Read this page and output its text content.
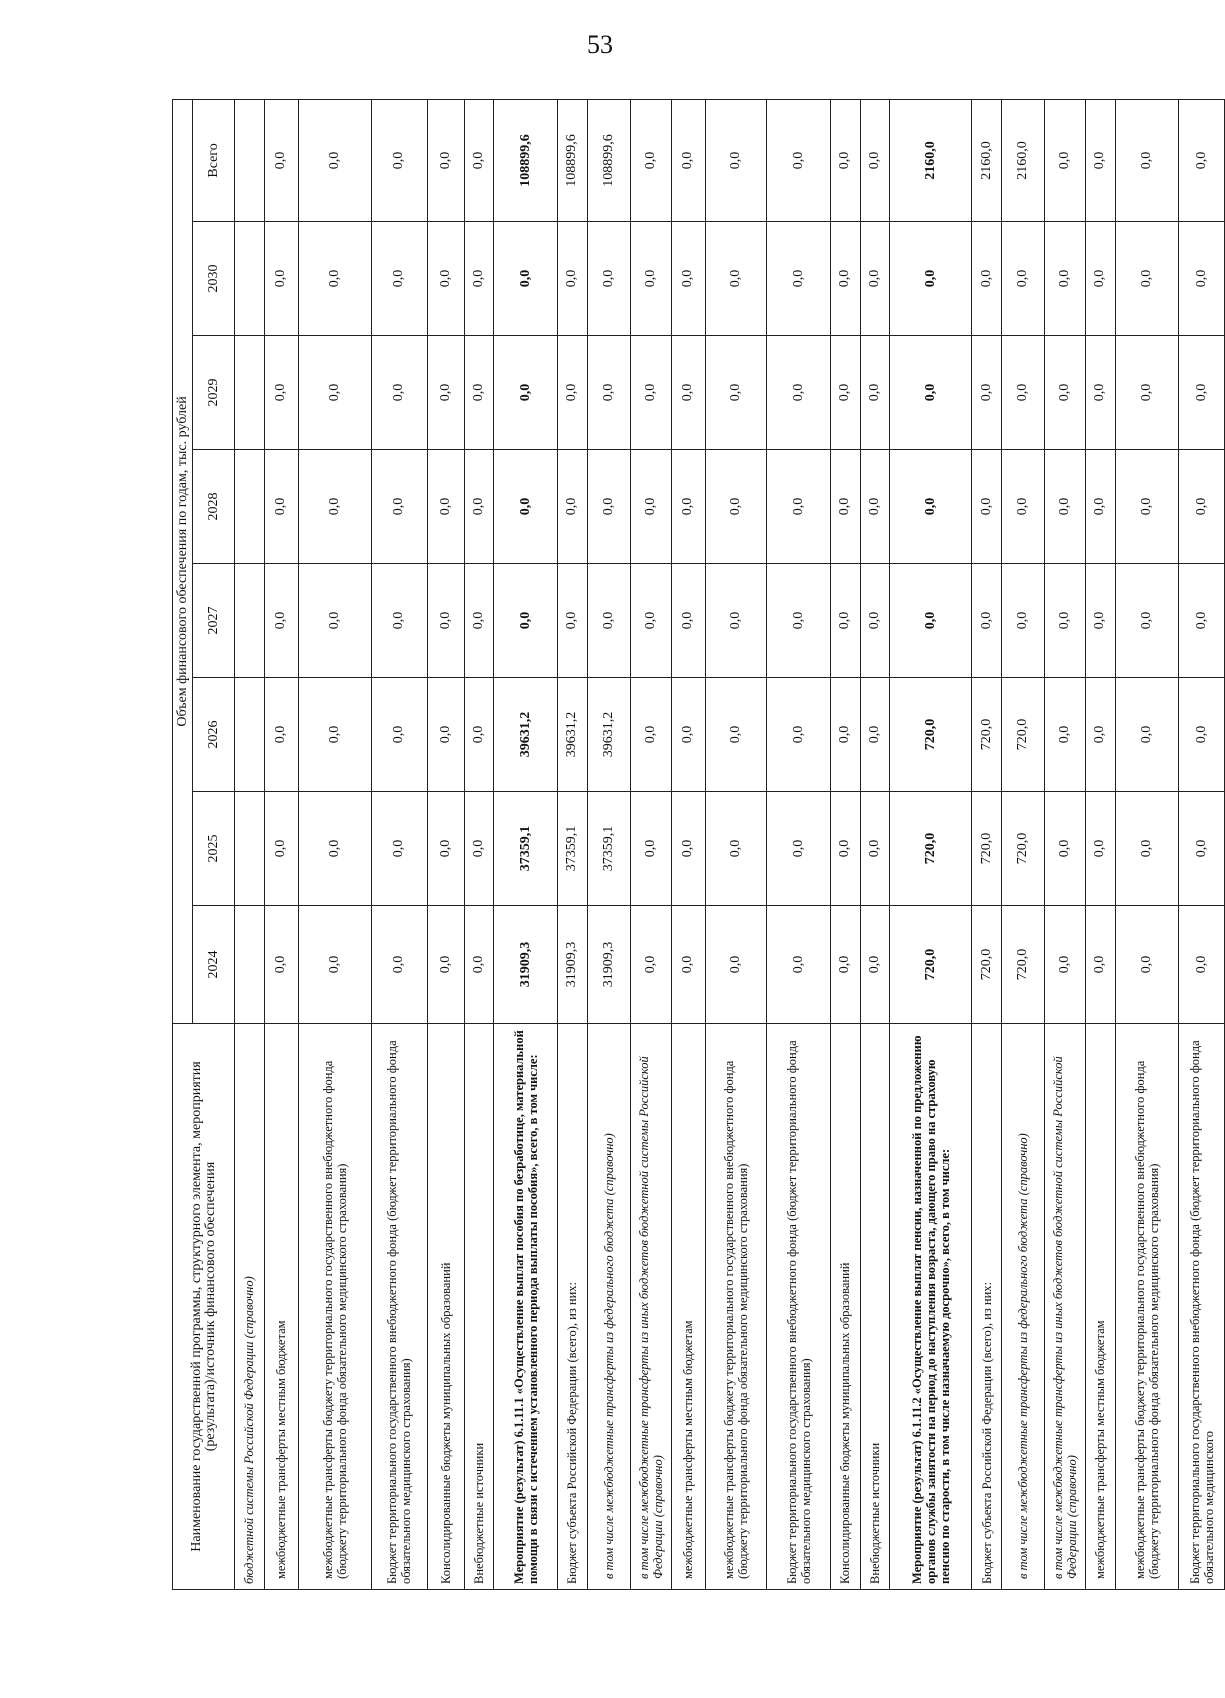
53
Наименование государственной программы, структурного элемента, мероприятия (результата)/источник финансового обеспечения	Объем финансового обеспечения по годам, тыс. рублей							
	2024	2025	2026	2027	2028	2029	2030	Всего
бюджетной системы Российской Федерации (справочно)								
межбюджетные трансферты местным бюджетам	0,0	0,0	0,0	0,0	0,0	0,0	0,0	0,0
межбюджетные трансферты бюджету территориального государственного внебюджетного фонда (бюджету территориального фонда обязательного медицинского страхования)	0,0	0,0	0,0	0,0	0,0	0,0	0,0	0,0
Бюджет территориального государственного внебюджетного фонда (бюджет территориального фонда обязательного медицинского страхования)	0,0	0,0	0,0	0,0	0,0	0,0	0,0	0,0
Консолидированные бюджеты муниципальных образований	0,0	0,0	0,0	0,0	0,0	0,0	0,0	0,0
Внебюджетные источники	0,0	0,0	0,0	0,0	0,0	0,0	0,0	0,0
Мероприятие (результат) 6.1.11.1 «Осуществление выплат пособия по безработице, материальной помощи в связи с истечением установленного периода выплаты пособия», всего, в том числе:	31909,3	37359,1	39631,2	0,0	0,0	0,0	0,0	108899,6
Бюджет субъекта Российской Федерации (всего), из них:	31909,3	37359,1	39631,2	0,0	0,0	0,0	0,0	108899,6
в том числе межбюджетные трансферты из федерального бюджета (справочно)	31909,3	37359,1	39631,2	0,0	0,0	0,0	0,0	108899,6
в том числе межбюджетные трансферты из иных бюджетов бюджетной системы Российской Федерации (справочно)	0,0	0,0	0,0	0,0	0,0	0,0	0,0	0,0
межбюджетные трансферты местным бюджетам	0,0	0,0	0,0	0,0	0,0	0,0	0,0	0,0
межбюджетные трансферты бюджету территориального государственного внебюджетного фонда (бюджету территориального фонда обязательного медицинского страхования)	0,0	0,0	0,0	0,0	0,0	0,0	0,0	0,0
Бюджет территориального государственного внебюджетного фонда (бюджет территориального фонда обязательного медицинского страхования)	0,0	0,0	0,0	0,0	0,0	0,0	0,0	0,0
Консолидированные бюджеты муниципальных образований	0,0	0,0	0,0	0,0	0,0	0,0	0,0	0,0
Внебюджетные источники	0,0	0,0	0,0	0,0	0,0	0,0	0,0	0,0
Мероприятие (результат) 6.1.11.2 «Осуществление выплат пенсии, назначенной по предложению органов службы занятости на период до наступления возраста, дающего право на страховую пенсию по старости, в том числе назначаемую досрочно», всего, в том числе:	720,0	720,0	720,0	0,0	0,0	0,0	0,0	2160,0
Бюджет субъекта Российской Федерации (всего), из них:	720,0	720,0	720,0	0,0	0,0	0,0	0,0	2160,0
в том числе межбюджетные трансферты из федерального бюджета (справочно)	720,0	720,0	720,0	0,0	0,0	0,0	0,0	2160,0
в том числе межбюджетные трансферты из иных бюджетов бюджетной системы Российской Федерации (справочно)	0,0	0,0	0,0	0,0	0,0	0,0	0,0	0,0
межбюджетные трансферты местным бюджетам	0,0	0,0	0,0	0,0	0,0	0,0	0,0	0,0
межбюджетные трансферты бюджету территориального государственного внебюджетного фонда (бюджету территориального фонда обязательного медицинского страхования)	0,0	0,0	0,0	0,0	0,0	0,0	0,0	0,0
Бюджет территориального государственного внебюджетного фонда (бюджет территориального фонда обязательного медицинского	0,0	0,0	0,0	0,0	0,0	0,0	0,0	0,0
